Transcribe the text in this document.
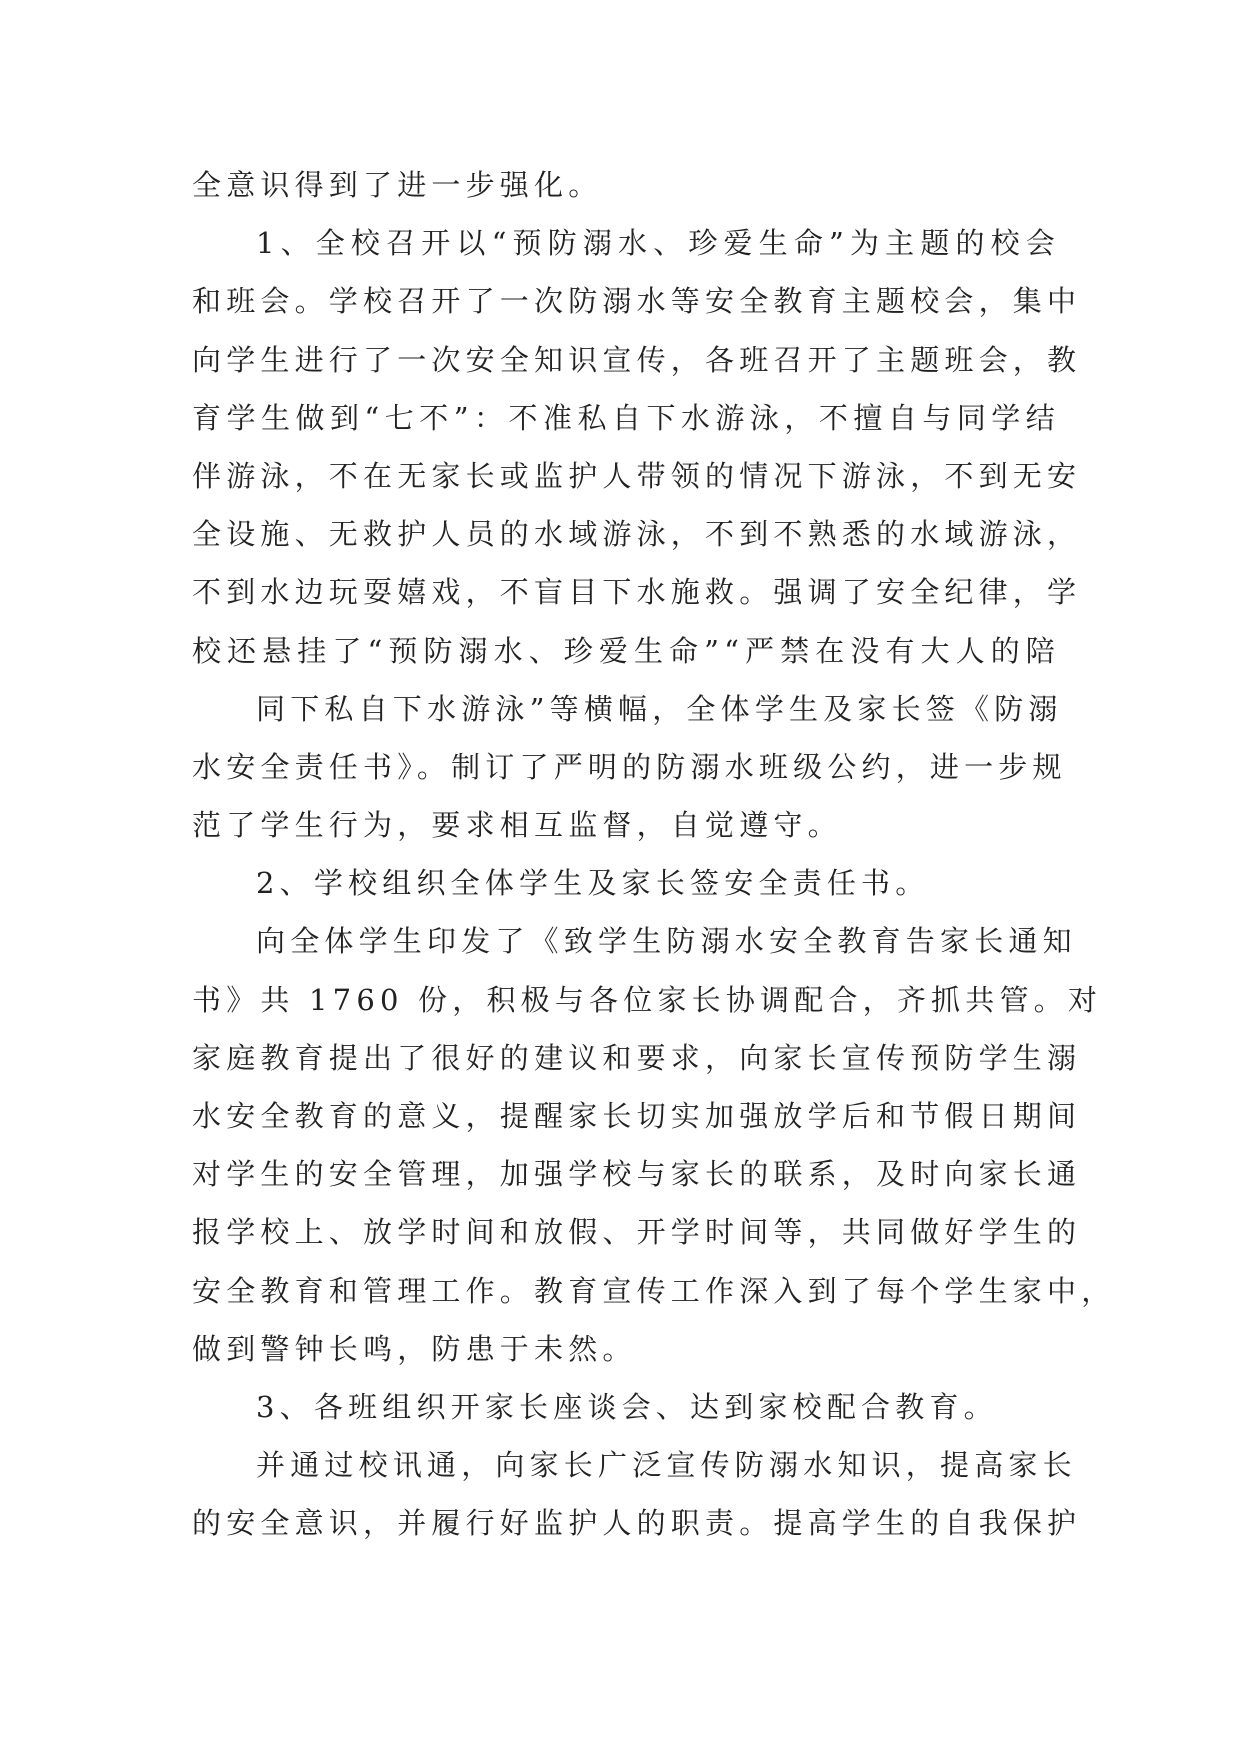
全意识得到了进一步强化。
1、全校召开以“预防溺水、珍爱生命”为主题的校会
和班会。学校召开了一次防溺水等安全教育主题校会，集中
向学生进行了一次安全知识宣传，各班召开了主题班会，教
育学生做到“七不”：不准私自下水游泳，不擅自与同学结
伴游泳，不在无家长或监护人带领的情况下游泳，不到无安
全设施、无救护人员的水域游泳，不到不熟悉的水域游泳，
不到水边玩耍嬉戏，不盲目下水施救。强调了安全纪律，学
校还悬挂了“预防溺水、珍爱生命”“严禁在没有大人的陪
同下私自下水游泳”等横幅，全体学生及家长签《防溺
水安全责任书》。制订了严明的防溺水班级公约，进一步规
范了学生行为，要求相互监督，自觉遵守。
2、学校组织全体学生及家长签安全责任书。
向全体学生印发了《致学生防溺水安全教育告家长通知
书》共 1760 份，积极与各位家长协调配合，齐抓共管。对
家庭教育提出了很好的建议和要求，向家长宣传预防学生溺
水安全教育的意义，提醒家长切实加强放学后和节假日期间
对学生的安全管理，加强学校与家长的联系，及时向家长通
报学校上、放学时间和放假、开学时间等，共同做好学生的
安全教育和管理工作。教育宣传工作深入到了每个学生家中，
做到警钟长鸣，防患于未然。
3、各班组织开家长座谈会、达到家校配合教育。
并通过校讯通，向家长广泛宣传防溺水知识，提高家长
的安全意识，并履行好监护人的职责。提高学生的自我保护
